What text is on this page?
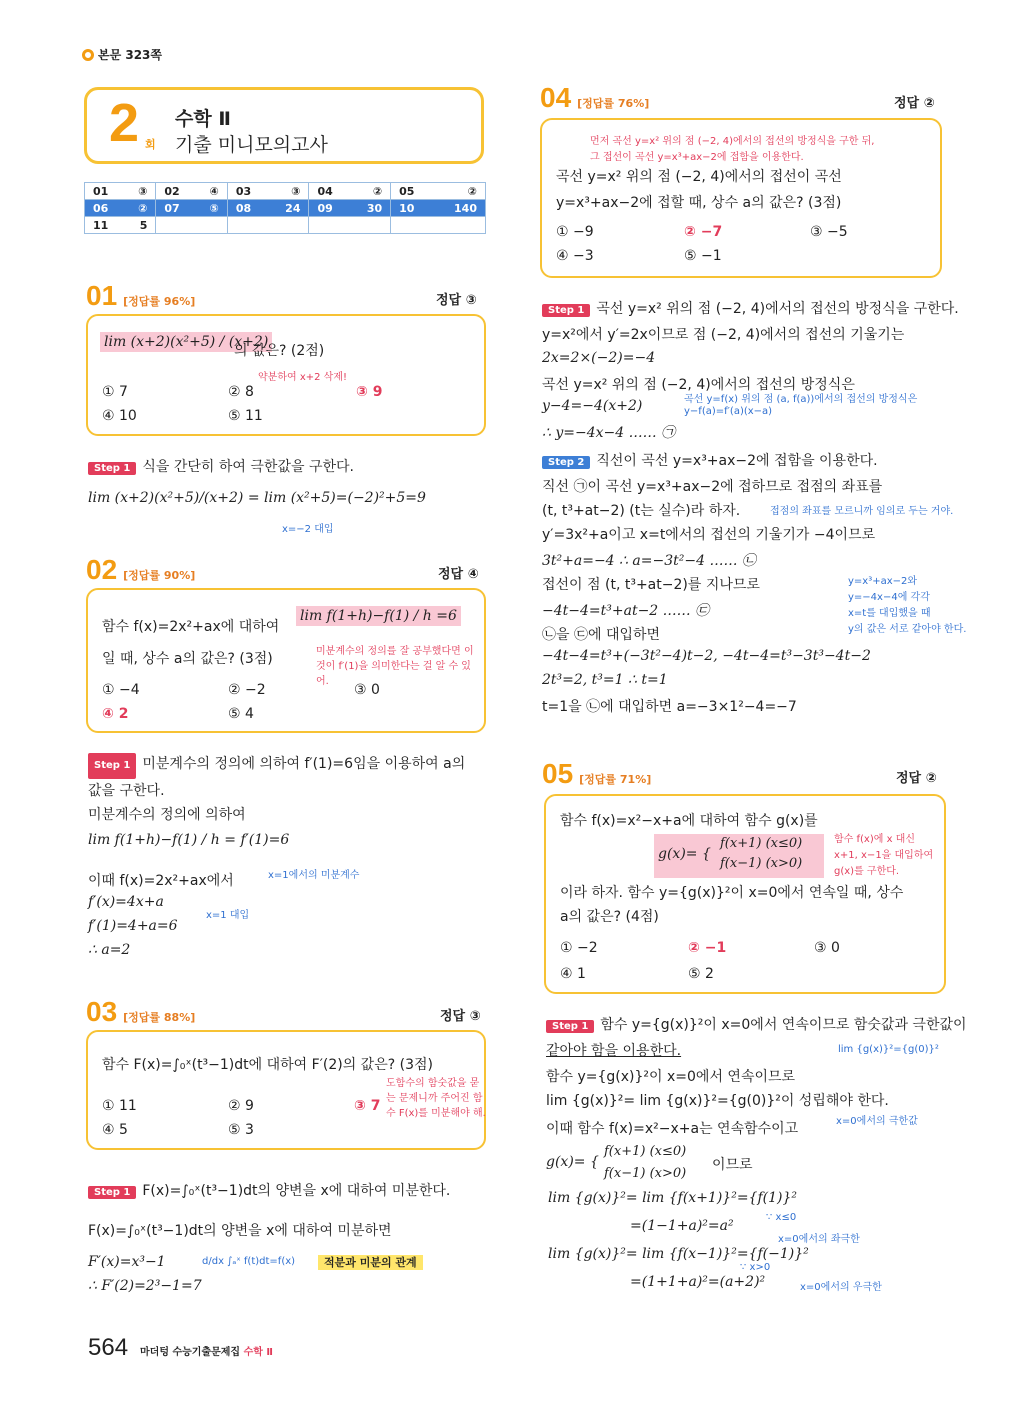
본문 323쪽
2 회
수학 Ⅱ
기출 미니모의고사
01 ③	02 ④	03 ③	04 ②	05 ②

06 ②	07 ⑤	08 24	09 30	10 140

11 5				

01 [정답률 96%]	정답 ③
lim (x+2)(x²+5) / (x+2)
의 값은? (2점)
약분하여 x+2 삭제!
① 7	② 8	③ 9
④ 10	⑤ 11
Step 1 식을 간단히 하여 극한값을 구한다.
lim (x+2)(x²+5)/(x+2) = lim (x²+5)=(−2)²+5=9
x=−2 대입
02 [정답률 90%]	정답 ④
함수 f(x)=2x²+ax에 대하여
lim f(1+h)−f(1) / h =6
일 때, 상수 a의 값은? (3점)	미분계수의 정의를 잘 공부했다면 이것이 f′(1)을 의미한다는 걸 알 수 있어.
① −4	② −2	③ 0
④ 2	⑤ 4
Step 1 미분계수의 정의에 의하여 f′(1)=6임을 이용하여 a의 값을 구한다.
미분계수의 정의에 의하여
lim f(1+h)−f(1) / h = f′(1)=6
이때 f(x)=2x²+ax에서	x=1에서의 미분계수
f′(x)=4x+a
x=1 대입
f′(1)=4+a=6
∴ a=2
03 [정답률 88%]	정답 ③
함수 F(x)=∫₀ˣ(t³−1)dt에 대하여 F′(2)의 값은? (3점)
도함수의 함숫값을 묻는 문제니까 주어진 함수 F(x)를 미분해야 해.
① 11	② 9	③ 7
④ 5	⑤ 3
Step 1 F(x)=∫₀ˣ(t³−1)dt의 양변을 x에 대하여 미분한다.
F(x)=∫₀ˣ(t³−1)dt의 양변을 x에 대하여 미분하면
F′(x)=x³−1	d/dx ∫ₐˣ f(t)dt=f(x)	적분과 미분의 관계
∴ F′(2)=2³−1=7
04 [정답률 76%]	정답 ②
먼저 곡선 y=x² 위의 점 (−2, 4)에서의 접선의 방정식을 구한 뒤,
그 접선이 곡선 y=x³+ax−2에 접함을 이용한다.
곡선 y=x² 위의 점 (−2, 4)에서의 접선이 곡선
y=x³+ax−2에 접할 때, 상수 a의 값은? (3점)
① −9	② −7	③ −5
④ −3	⑤ −1
Step 1 곡선 y=x² 위의 점 (−2, 4)에서의 접선의 방정식을 구한다.
y=x²에서 y′=2x이므로 점 (−2, 4)에서의 접선의 기울기는
2x=2×(−2)=−4
곡선 y=x² 위의 점 (−2, 4)에서의 접선의 방정식은
y−4=−4(x+2)	곡선 y=f(x) 위의 점 (a, f(a))에서의 접선의 방정식은
y−f(a)=f′(a)(x−a)
∴ y=−4x−4 …… ㉠
Step 2 직선이 곡선 y=x³+ax−2에 접함을 이용한다.
직선 ㉠이 곡선 y=x³+ax−2에 접하므로 접점의 좌표를
(t, t³+at−2) (t는 실수)라 하자.	접점의 좌표를 모르니까 임의로 두는 거야.
y′=3x²+a이고 x=t에서의 접선의 기울기가 −4이므로
3t²+a=−4 ∴ a=−3t²−4 …… ㉡
접선이 점 (t, t³+at−2)를 지나므로
−4t−4=t³+at−2 …… ㉢
y=x³+ax−2와
y=−4x−4에 각각
x=t를 대입했을 때
y의 값은 서로 같아야 한다.
㉡을 ㉢에 대입하면
−4t−4=t³+(−3t²−4)t−2, −4t−4=t³−3t³−4t−2
2t³=2, t³=1 ∴ t=1
t=1을 ㉡에 대입하면 a=−3×1²−4=−7
05 [정답률 71%]	정답 ②
함수 f(x)=x²−x+a에 대하여 함수 g(x)를
g(x)= {
f(x+1) (x≤0)
f(x−1) (x>0)
함수 f(x)에 x 대신
x+1, x−1을 대입하여
g(x)를 구한다.
이라 하자. 함수 y={g(x)}²이 x=0에서 연속일 때, 상수
a의 값은? (4점)
① −2	② −1	③ 0
④ 1	⑤ 2
Step 1 함수 y={g(x)}²이 x=0에서 연속이므로 함숫값과 극한값이
같아야 함을 이용한다.	lim {g(x)}²={g(0)}²
함수 y={g(x)}²이 x=0에서 연속이므로
lim {g(x)}²= lim {g(x)}²={g(0)}²이 성립해야 한다.
이때 함수 f(x)=x²−x+a는 연속함수이고	x=0에서의 극한값
g(x)= {
f(x+1) (x≤0)
f(x−1) (x>0)
이므로
lim {g(x)}²= lim {f(x+1)}²={f(1)}²
=(1−1+a)²=a²
∵ x≤0
x=0에서의 좌극한
lim {g(x)}²= lim {f(x−1)}²={f(−1)}²
∵ x>0
=(1+1+a)²=(a+2)²	x=0에서의 우극한
564 마더텅 수능기출문제집 수학 Ⅱ
